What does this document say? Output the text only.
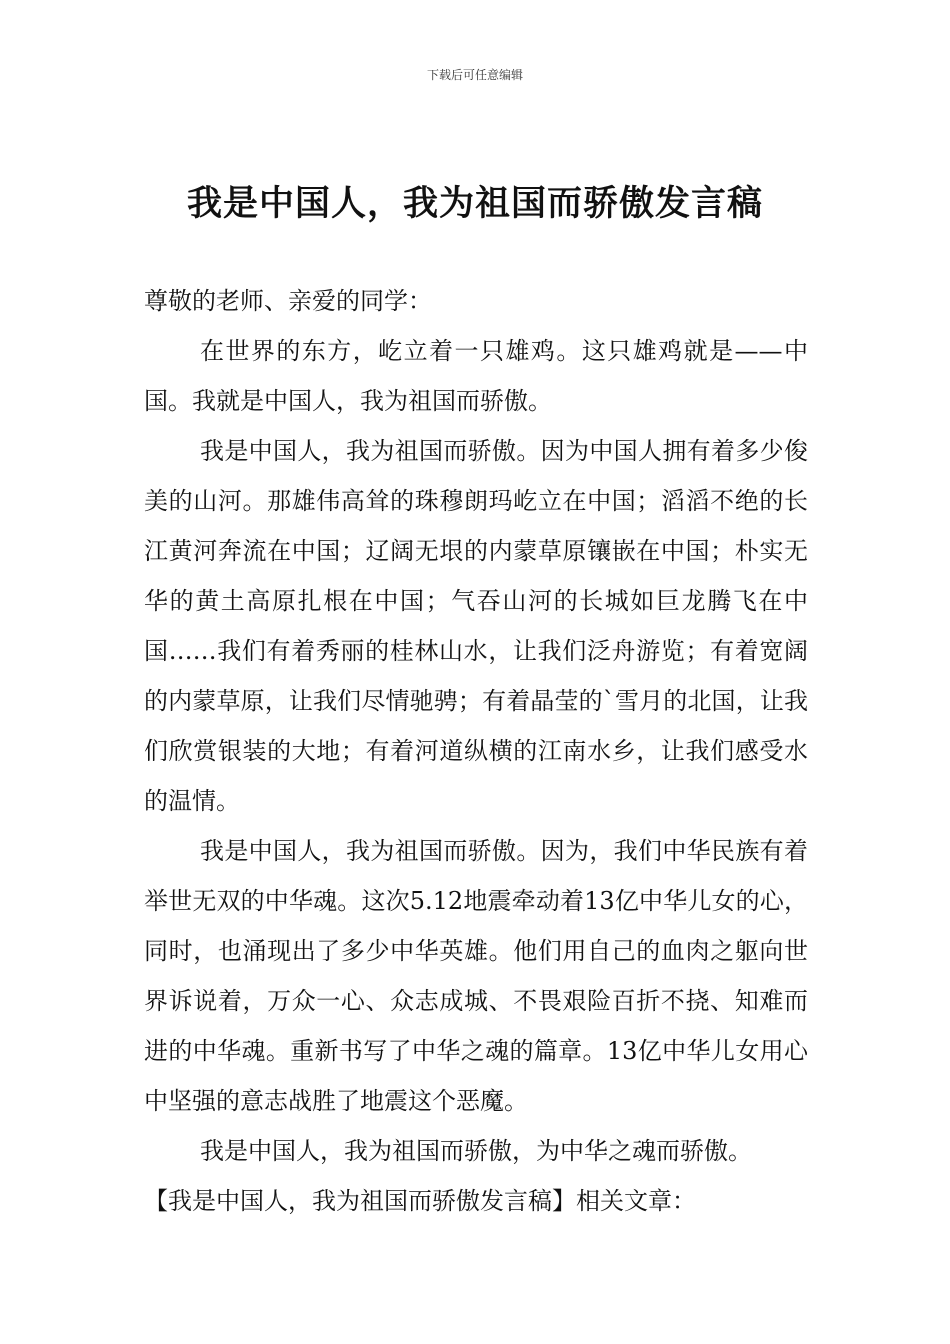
下载后可任意编辑
我是中国人，我为祖国而骄傲发言稿

尊敬的老师、亲爱的同学：

在世界的东方，屹立着一只雄鸡。这只雄鸡就是——中国。我就是中国人，我为祖国而骄傲。

我是中国人，我为祖国而骄傲。因为中国人拥有着多少俊美的山河。那雄伟高耸的珠穆朗玛屹立在中国；滔滔不绝的长江黄河奔流在中国；辽阔无垠的内蒙草原镶嵌在中国；朴实无华的黄土高原扎根在中国；气吞山河的长城如巨龙腾飞在中国……我们有着秀丽的桂林山水，让我们泛舟游览；有着宽阔的内蒙草原，让我们尽情驰骋；有着晶莹的`雪月的北国，让我们欣赏银装的大地；有着河道纵横的江南水乡，让我们感受水的温情。

我是中国人，我为祖国而骄傲。因为，我们中华民族有着举世无双的中华魂。这次5.12地震牵动着13亿中华儿女的心，同时，也涌现出了多少中华英雄。他们用自己的血肉之躯向世界诉说着，万众一心、众志成城、不畏艰险百折不挠、知难而进的中华魂。重新书写了中华之魂的篇章。13亿中华儿女用心中坚强的意志战胜了地震这个恶魔。

我是中国人，我为祖国而骄傲，为中华之魂而骄傲。

【我是中国人，我为祖国而骄傲发言稿】相关文章：
